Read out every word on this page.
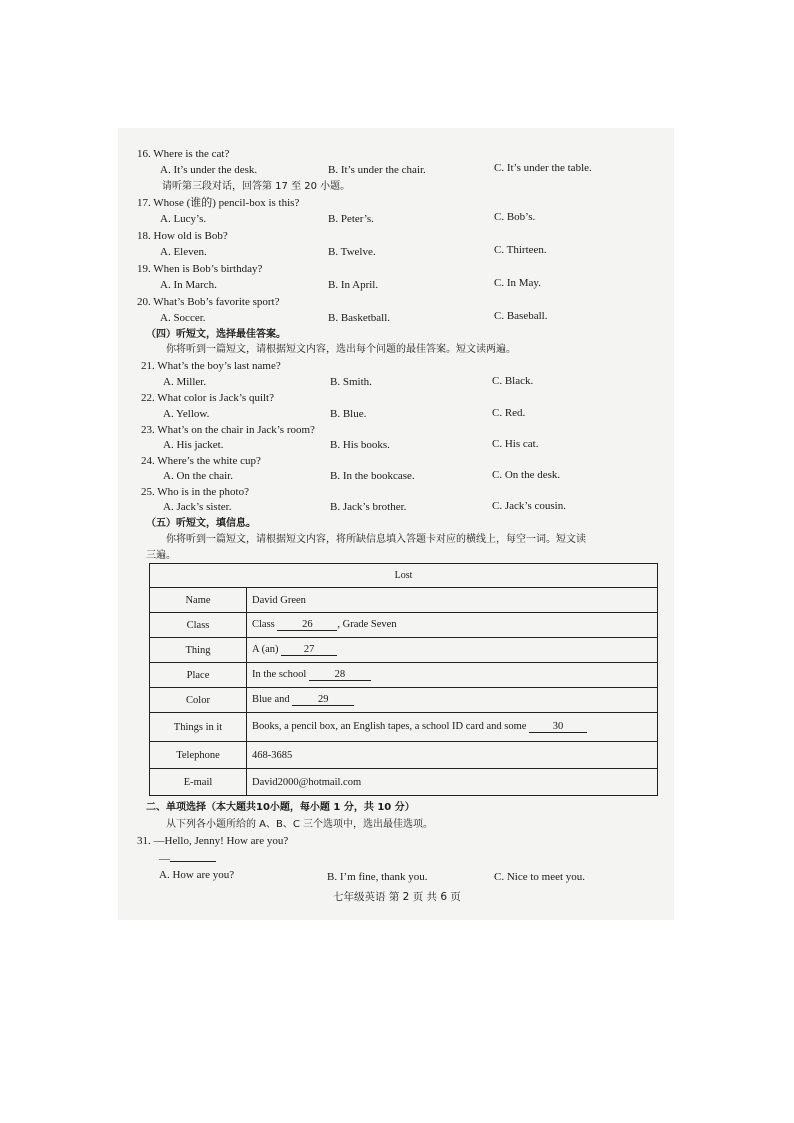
16. Where is the cat?
A. It’s under the desk.	B. It’s under the chair.	C. It’s under the table.
请听第三段对话，回答第 17 至 20 小题。
17. Whose (谁的) pencil-box is this?
A. Lucy’s.	B. Peter’s.	C. Bob’s.
18. How old is Bob?
A. Eleven.	B. Twelve.	C. Thirteen.
19. When is Bob’s birthday?
A. In March.	B. In April.	C. In May.
20. What’s Bob’s favorite sport?
A. Soccer.	B. Basketball.	C. Baseball.
（四）听短文，选择最佳答案。
你将听到一篇短文，请根据短文内容，选出每个问题的最佳答案。短文读两遍。
21. What’s the boy’s last name?
A. Miller.	B. Smith.	C. Black.
22. What color is Jack’s quilt?
A. Yellow.	B. Blue.	C. Red.
23. What’s on the chair in Jack’s room?
A. His jacket.	B. His books.	C. His cat.
24. Where’s the white cup?
A. On the chair.	B. In the bookcase.	C. On the desk.
25. Who is in the photo?
A. Jack’s sister.	B. Jack’s brother.	C. Jack’s cousin.
（五）听短文，填信息。
你将听到一篇短文，请根据短文内容，将所缺信息填入答题卡对应的横线上，每空一词。短文读
三遍。
Lost	
Name	David Green
Class	Class 26 , Grade Seven
Thing	A (an) 27
Place	In the school 28
Color	Blue and 29
Things in it	Books, a pencil box, an English tapes, a school ID card and some 30
Telephone	468-3685
E-mail	David2000@hotmail.com
二、单项选择（本大题共10小题，每小题 1 分，共 10 分）
从下列各小题所给的 A、B、C 三个选项中，选出最佳选项。
31. —Hello, Jenny! How are you?
—
A. How are you?	B. I’m fine, thank you.	C. Nice to meet you.
七年级英语 第 2 页 共 6 页
